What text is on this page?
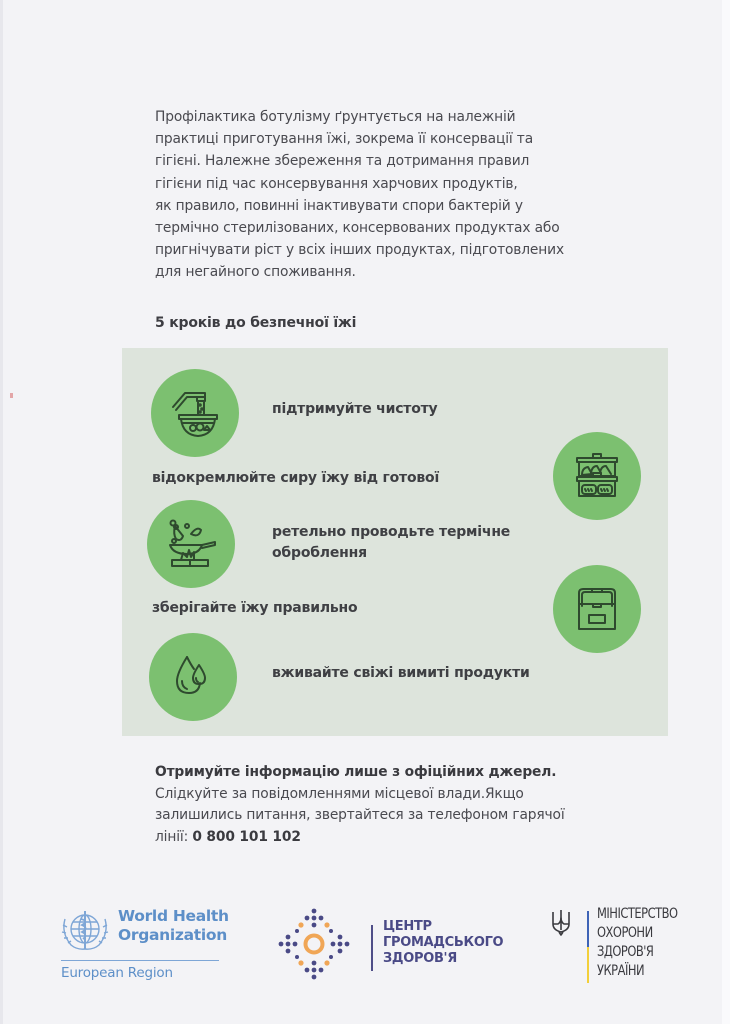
Профілактика ботулізму ґрунтується на належній
практиці приготування їжі, зокрема її консервації та
гігієні. Належне збереження та дотримання правил
гігієни під час консервування харчових продуктів,
як правило, повинні інактивувати спори бактерій у
термічно стерилізованих, консервованих продуктах або
пригнічувати ріст у всіх інших продуктах, підготовлених
для негайного споживання.
5 кроків до безпечної їжі
підтримуйте чистоту
відокремлюйте сиру їжу від готової
ретельно проводьте термічне
оброблення
зберігайте їжу правильно
вживайте свіжі вимиті продукти
Отримуйте інформацію лише з офіційних джерел.
Слідкуйте за повідомленнями місцевої влади.Якщо
залишились питання, звертайтеся за телефоном гарячої
лінії: 0 800 101 102
World Health
Organization
European Region
ЦЕНТР
ГРОМАДСЬКОГО
ЗДОРОВ'Я
МІНІСТЕРСТВО
ОХОРОНИ
ЗДОРОВ'Я
УКРАЇНИ
